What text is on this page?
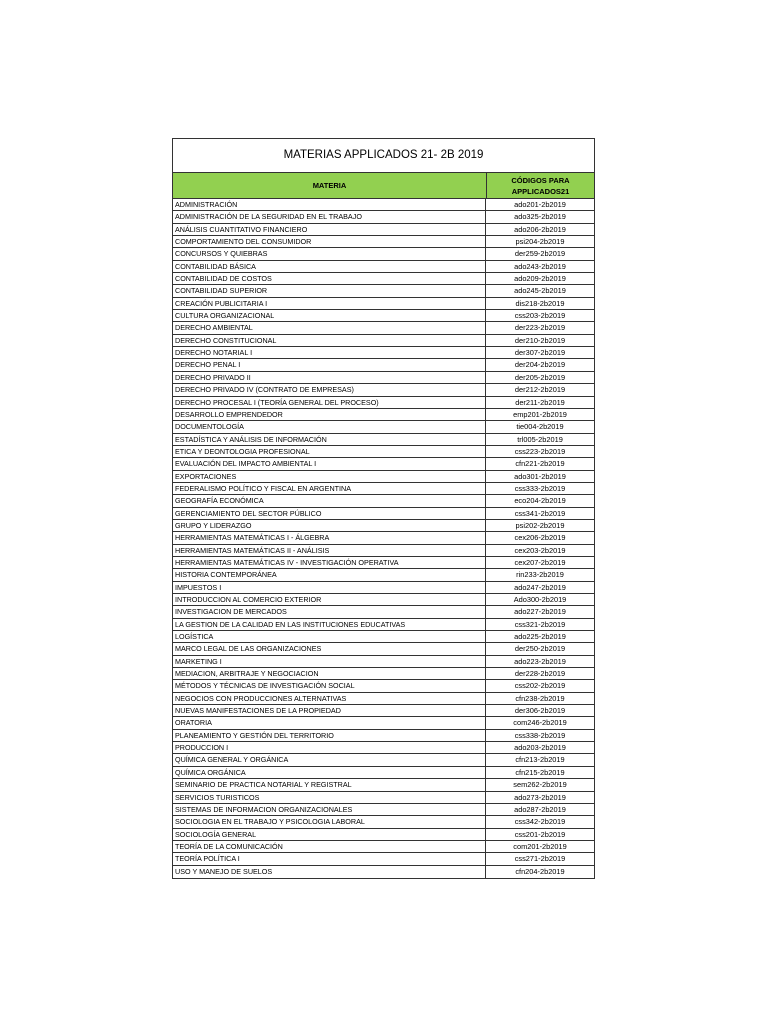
MATERIAS APPLICADOS 21- 2B 2019
MATERIA
CÓDIGOS PARA
APPLICADOS21
ADMINISTRACIÓN	ado201-2b2019
ADMINISTRACIÓN DE LA SEGURIDAD EN EL TRABAJO	ado325-2b2019
ANÁLISIS CUANTITATIVO FINANCIERO	ado206-2b2019
COMPORTAMIENTO DEL CONSUMIDOR	psi204-2b2019
CONCURSOS Y QUIEBRAS	der259-2b2019
CONTABILIDAD BÁSICA	ado243-2b2019
CONTABILIDAD DE COSTOS	ado209-2b2019
CONTABILIDAD SUPERIOR	ado245-2b2019
CREACIÓN PUBLICITARIA I	dis218-2b2019
CULTURA ORGANIZACIONAL	css203-2b2019
DERECHO AMBIENTAL	der223-2b2019
DERECHO CONSTITUCIONAL	der210-2b2019
DERECHO NOTARIAL I	der307-2b2019
DERECHO PENAL I	der204-2b2019
DERECHO PRIVADO II	der205-2b2019
DERECHO PRIVADO IV (CONTRATO DE EMPRESAS)	der212-2b2019
DERECHO PROCESAL I (TEORÍA GENERAL DEL PROCESO)	der211-2b2019
DESARROLLO EMPRENDEDOR	emp201-2b2019
DOCUMENTOLOGÍA	tie004-2b2019
ESTADÍSTICA Y ANÁLISIS DE INFORMACIÓN	trl005-2b2019
ETICA Y DEONTOLOGIA PROFESIONAL	css223-2b2019
EVALUACIÓN DEL IMPACTO AMBIENTAL I	cfn221-2b2019
EXPORTACIONES	ado301-2b2019
FEDERALISMO POLÍTICO Y FISCAL EN ARGENTINA	css333-2b2019
GEOGRAFÍA ECONÓMICA	eco204-2b2019
GERENCIAMIENTO DEL SECTOR PÚBLICO	css341-2b2019
GRUPO Y LIDERAZGO	psi202-2b2019
HERRAMIENTAS MATEMÁTICAS I - ÁLGEBRA	cex206-2b2019
HERRAMIENTAS MATEMÁTICAS II - ANÁLISIS	cex203-2b2019
HERRAMIENTAS MATEMÁTICAS IV - INVESTIGACIÓN OPERATIVA	cex207-2b2019
HISTORIA CONTEMPORÁNEA	rin233-2b2019
IMPUESTOS I	ado247-2b2019
INTRODUCCION AL COMERCIO EXTERIOR	Ado300-2b2019
INVESTIGACION DE MERCADOS	ado227-2b2019
LA GESTION DE LA CALIDAD EN LAS INSTITUCIONES EDUCATIVAS	css321-2b2019
LOGÍSTICA	ado225-2b2019
MARCO LEGAL DE LAS ORGANIZACIONES	der250-2b2019
MARKETING I	ado223-2b2019
MEDIACION, ARBITRAJE Y NEGOCIACION	der228-2b2019
MÉTODOS Y TÉCNICAS DE INVESTIGACIÓN SOCIAL	css202-2b2019
NEGOCIOS CON PRODUCCIONES ALTERNATIVAS	cfn238-2b2019
NUEVAS MANIFESTACIONES DE LA PROPIEDAD	der306-2b2019
ORATORIA	com246-2b2019
PLANEAMIENTO Y GESTIÓN DEL TERRITORIO	css338-2b2019
PRODUCCION I	ado203-2b2019
QUÍMICA GENERAL Y ORGÁNICA	cfn213-2b2019
QUÍMICA ORGÁNICA	cfn215-2b2019
SEMINARIO DE PRACTICA NOTARIAL Y REGISTRAL	sem262-2b2019
SERVICIOS TURISTICOS	ado273-2b2019
SISTEMAS DE INFORMACION ORGANIZACIONALES	ado287-2b2019
SOCIOLOGIA EN EL TRABAJO Y PSICOLOGIA LABORAL	css342-2b2019
SOCIOLOGÍA GENERAL	css201-2b2019
TEORÍA DE LA COMUNICACIÓN	com201-2b2019
TEORÍA POLÍTICA I	css271-2b2019
USO Y MANEJO DE SUELOS	cfn204-2b2019
